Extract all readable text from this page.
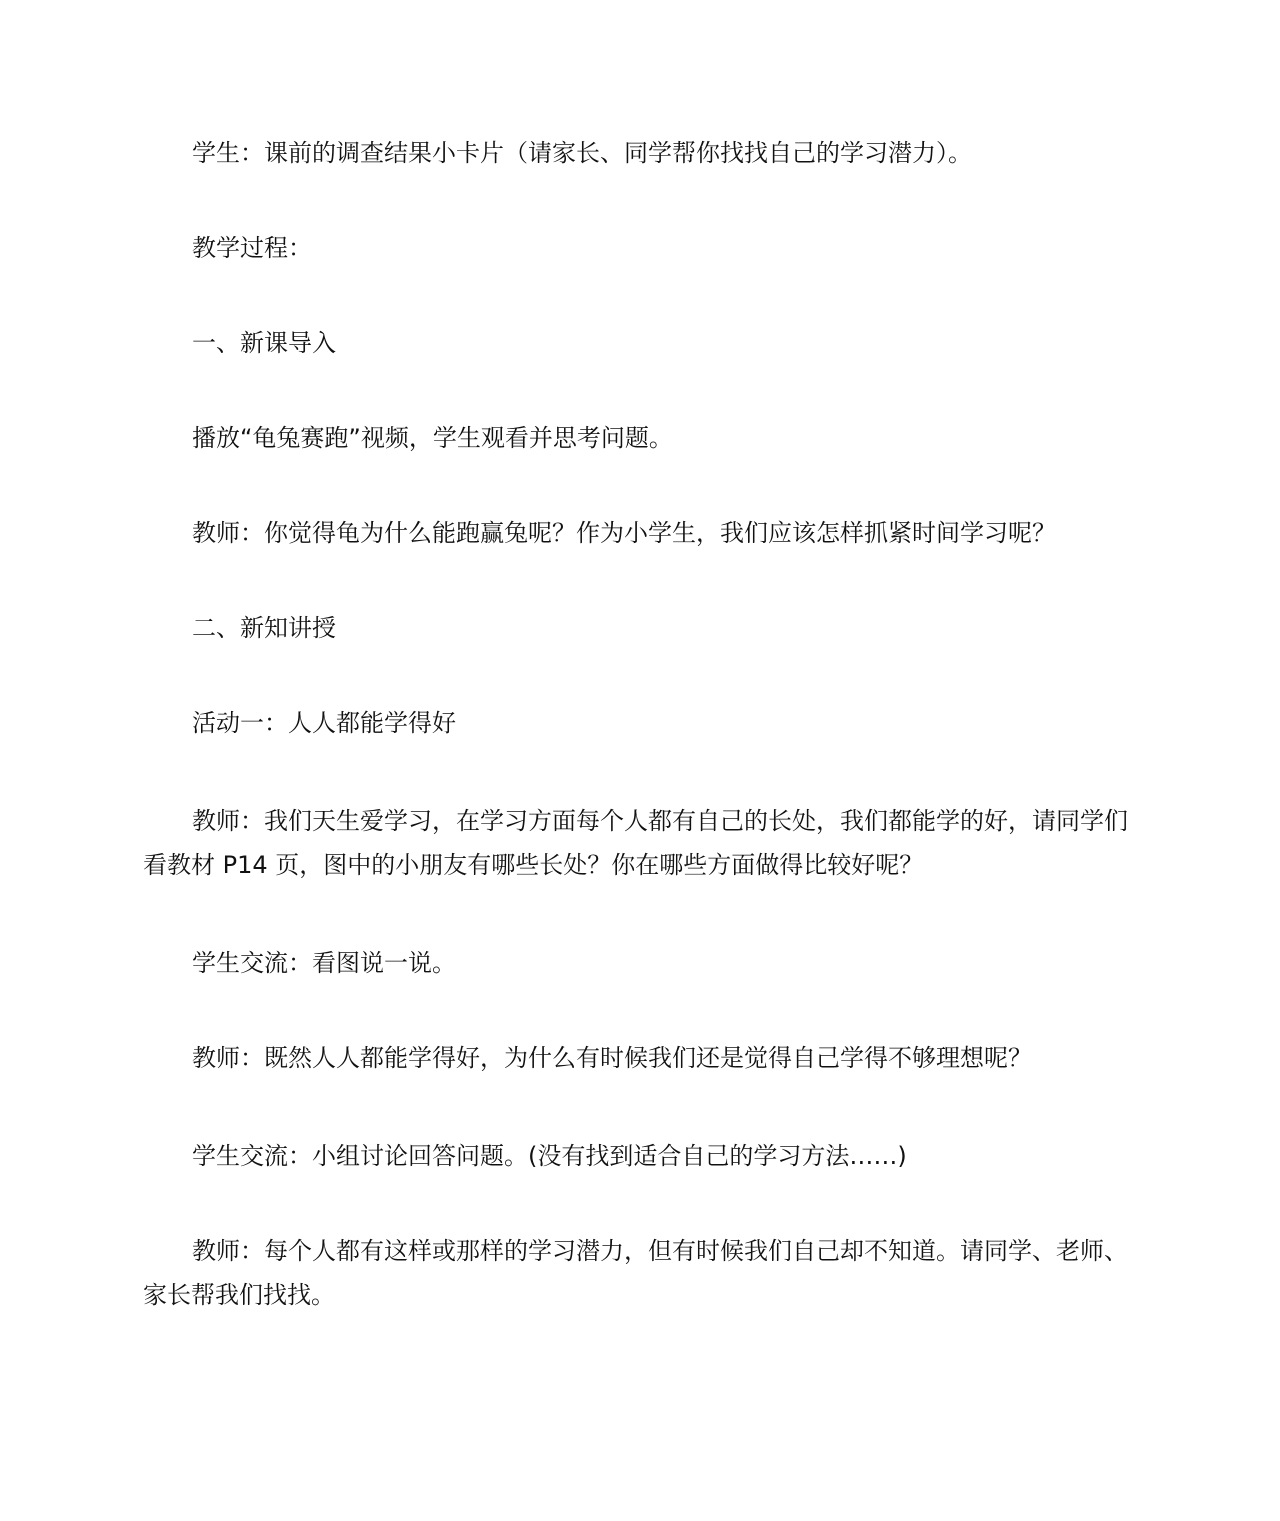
学生：课前的调查结果小卡片（请家长、同学帮你找找自己的学习潜力）。

教学过程：

一、新课导入

播放“龟兔赛跑”视频，学生观看并思考问题。

教师：你觉得龟为什么能跑赢兔呢？作为小学生，我们应该怎样抓紧时间学习呢？

二、新知讲授

活动一：人人都能学得好

教师：我们天生爱学习，在学习方面每个人都有自己的长处，我们都能学的好，请同学们看教材 P14 页，图中的小朋友有哪些长处？你在哪些方面做得比较好呢？

学生交流：看图说一说。

教师：既然人人都能学得好，为什么有时候我们还是觉得自己学得不够理想呢？

学生交流：小组讨论回答问题。(没有找到适合自己的学习方法……)

教师：每个人都有这样或那样的学习潜力，但有时候我们自己却不知道。请同学、老师、家长帮我们找找。
